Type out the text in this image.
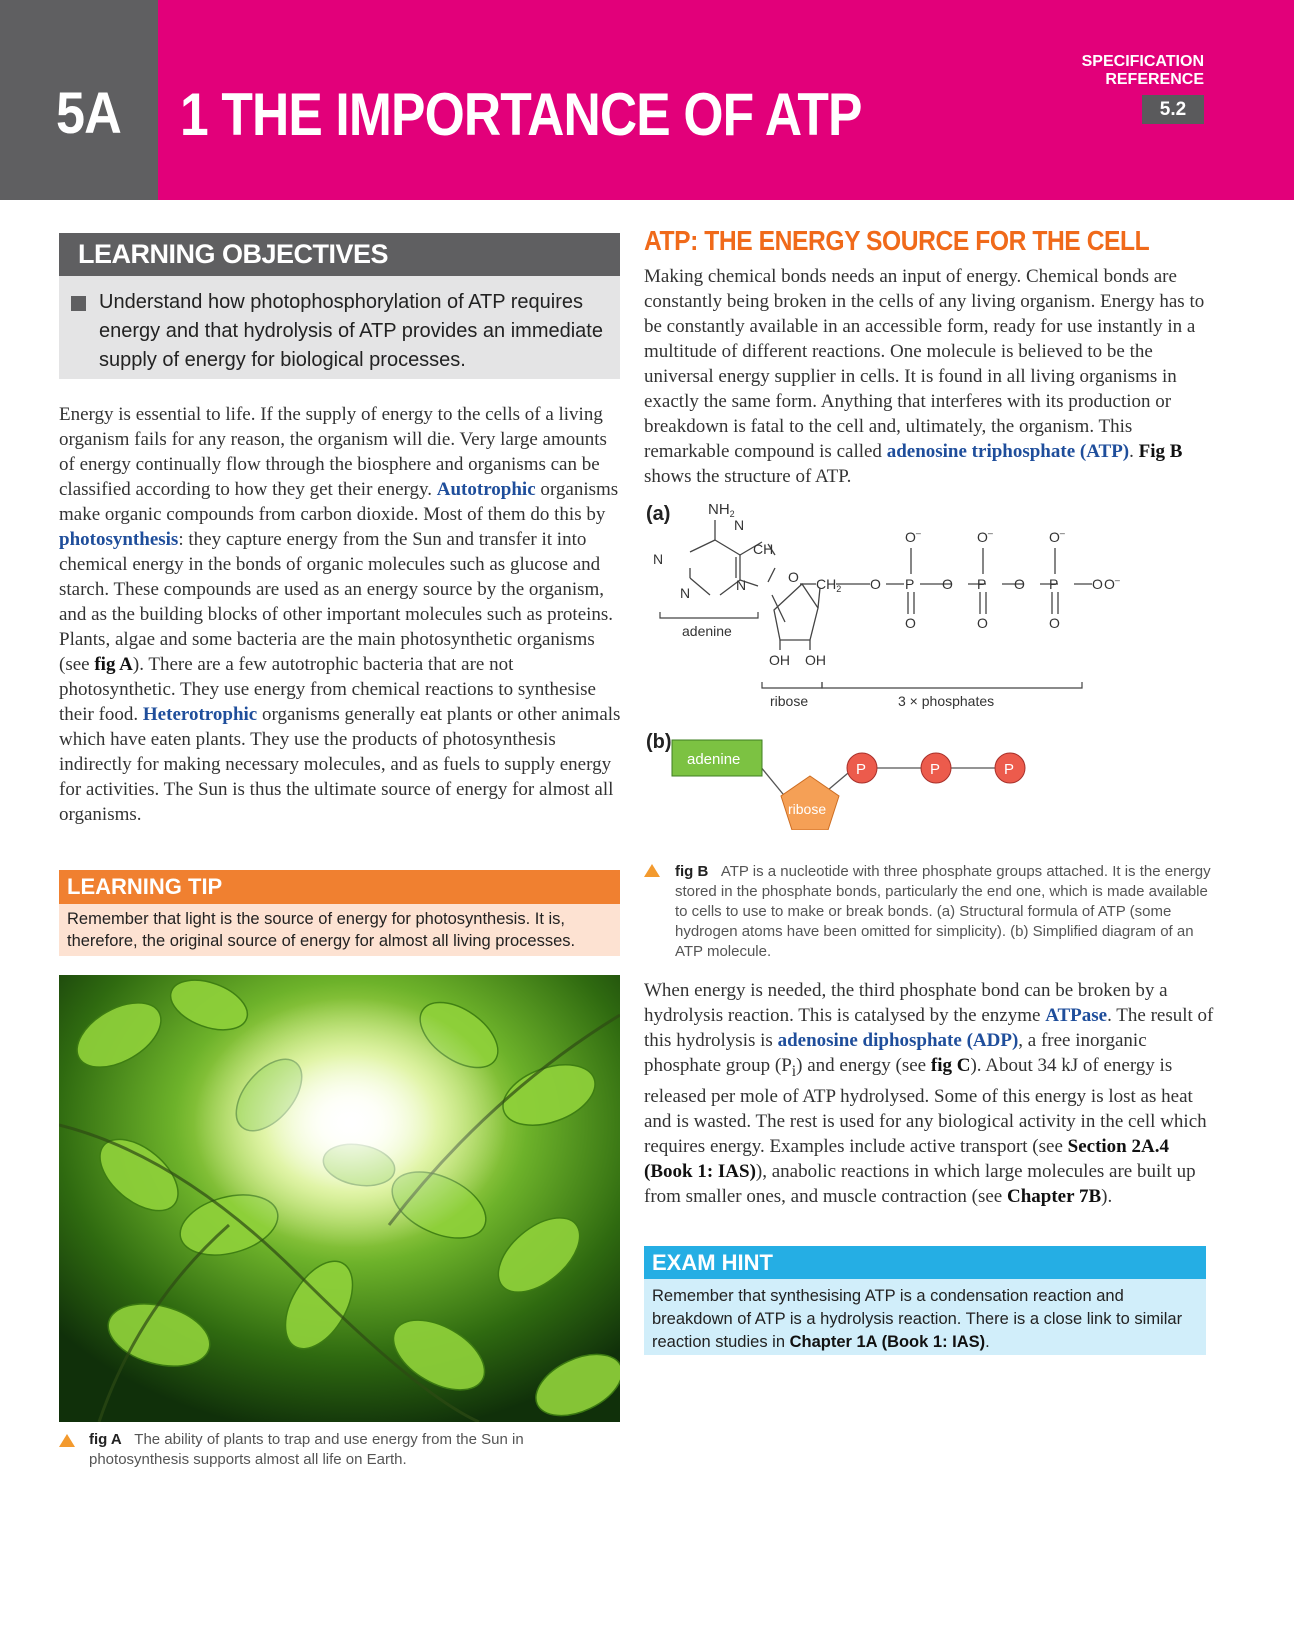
5A 1 THE IMPORTANCE OF ATP
SPECIFICATION
REFERENCE
5.2
LEARNING OBJECTIVES
Understand how photophosphorylation of ATP requires energy and that hydrolysis of ATP provides an immediate supply of energy for biological processes.

Energy is essential to life. If the supply of energy to the cells of a living organism fails for any reason, the organism will die. Very large amounts of energy continually flow through the biosphere and organisms can be classified according to how they get their energy. Autotrophic organisms make organic compounds from carbon dioxide. Most of them do this by photosynthesis: they capture energy from the Sun and transfer it into chemical energy in the bonds of organic molecules such as glucose and starch. These compounds are used as an energy source by the organism, and as the building blocks of other important molecules such as proteins. Plants, algae and some bacteria are the main photosynthetic organisms (see fig A). There are a few autotrophic bacteria that are not photosynthetic. They use energy from chemical reactions to synthesise their food. Heterotrophic organisms generally eat plants or other animals which have eaten plants. They use the products of photosynthesis indirectly for making necessary molecules, and as fuels to supply energy for activities. The Sun is thus the ultimate source of energy for almost all organisms.

LEARNING TIP
Remember that light is the source of energy for photosynthesis. It is, therefore, the original source of energy for almost all living processes.

fig A The ability of plants to trap and use energy from the Sun in photosynthesis supports almost all life on Earth.

ATP: THE ENERGY SOURCE FOR THE CELL

Making chemical bonds needs an input of energy. Chemical bonds are constantly being broken in the cells of any living organism. Energy has to be constantly available in an accessible form, ready for use instantly in a multitude of different reactions. One molecule is believed to be the universal energy supplier in cells. It is found in all living organisms in exactly the same form. Anything that interferes with its production or breakdown is fatal to the cell and, ultimately, the organism. This remarkable compound is called adenosine triphosphate (ATP). Fig B shows the structure of ATP.

(a)	$NH_2$
N
N
N
CH
N	O $CH_2$ O P O P O P O
O–	O–	O–
O–
O	O	O
OH OH
adenine
ribose	3 × phosphates
(b)
adenine
ribose
P	P	P

fig B ATP is a nucleotide with three phosphate groups attached. It is the energy stored in the phosphate bonds, particularly the end one, which is made available to cells to use to make or break bonds. (a) Structural formula of ATP (some hydrogen atoms have been omitted for simplicity). (b) Simplified diagram of an ATP molecule.

When energy is needed, the third phosphate bond can be broken by a hydrolysis reaction. This is catalysed by the enzyme ATPase. The result of this hydrolysis is adenosine diphosphate (ADP), a free inorganic phosphate group $(P_i)$ and energy (see fig C). About 34 kJ of energy is released per mole of ATP hydrolysed. Some of this energy is lost as heat and is wasted. The rest is used for any biological activity in the cell which requires energy. Examples include active transport (see Section 2A.4 (Book 1: IAS)), anabolic reactions in which large molecules are built up from smaller ones, and muscle contraction (see Chapter 7B).

EXAM HINT
Remember that synthesising ATP is a condensation reaction and breakdown of ATP is a hydrolysis reaction. There is a close link to similar reaction studies in Chapter 1A (Book 1: IAS).
